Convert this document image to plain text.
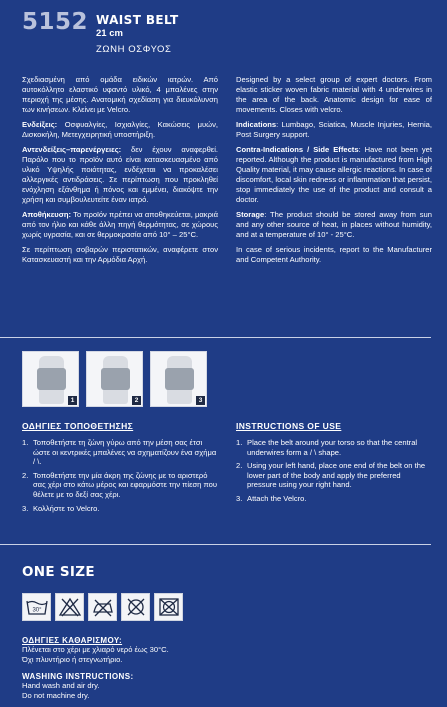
5152 WAIST BELT
21 cm
ΖΩΝΗ ΟΣΦΥΟΣ

Σχεδιασμένη από ομάδα ειδικών ιατρών. Από αυτοκόλλητο ελαστικό υφαντό υλικό, 4 μπαλένες στην περιοχή της μέσης. Ανατομική σχεδίαση για διευκόλυνση των κινήσεων. Κλείνει με Velcro.

Ενδείξεις: Οσφυαλγίες, Ισχιαλγίες, Κακώσεις μυών, Δισκοκήλη, Μετεγχειρητική υποστήριξη.

Αντενδείξεις–παρενέργειες: δεν έχουν αναφερθεί. Παρόλο που το προϊόν αυτό είναι κατασκευασμένο από υλικό Υψηλής ποιότητας, ενδέχεται να προκαλέσει αλλεργικές αντιδράσεις. Σε περίπτωση που προκληθεί ενόχληση εξάνθημα ή πόνος και εμμένει, διακόψτε την χρήση και συμβουλευτείτε έναν ιατρό.

Αποθήκευση: Το προϊόν πρέπει να αποθηκεύεται, μακριά από τον ήλιο και κάθε άλλη πηγή θερμότητας, σε χώρους χωρίς υγρασία, και σε θερμοκρασία από 10° – 25°C.

Σε περίπτωση σοβαρών περιστατικών, αναφέρετε στον Κατασκευαστή και την Αρμόδια Αρχή.

Designed by a select group of expert doctors. From elastic sticker woven fabric material with 4 underwires in the area of the back. Anatomic design for ease of movements. Closes with velcro.

Indications: Lumbago, Sciatica, Muscle Injuries, Hernia, Post Surgery support.

Contra-Indications / Side Effects: Have not been yet reported. Although the product is manufactured from High Quality material, it may cause allergic reactions. In case of discomfort, local skin redness or inflammation that persist, stop immediately the use of the product and consult a doctor.

Storage: The product should be stored away from sun and any other source of heat, in places without humidity, and at a temperature of 10° - 25°C.

In case of serious incidents, report to the Manufacturer and Competent Authority.

1	2	3
ΟΔΗΓΙΕΣ ΤΟΠΟΘΕΤΗΣΗΣ
1. Τοποθετήστε τη ζώνη γύρω από την μέση σας έτσι ώστε οι κεντρικές μπαλένες να σχηματίζουν ένα σχήμα / \.
2. Τοποθετήστε την μία άκρη της ζώνης με το αριστερό σας χέρι στο κάτω μέρος και εφαρμόστε την πίεση που θέλετε με το δεξί σας χέρι.
3. Κολλήστε το Velcro.
INSTRUCTIONS OF USE
1. Place the belt around your torso so that the central underwires form a / \ shape.
2. Using your left hand, place one end of the belt on the lower part of the body and apply the preferred pressure using your right hand.
3. Attach the Velcro.
ONE SIZE
30°
ΟΔΗΓΙΕΣ ΚΑΘΑΡΙΣΜΟΥ:
Πλένεται στο χέρι με χλιαρό νερό έως 30°C.
Όχι πλυντήριο ή στεγνωτήριο.
WASHING INSTRUCTIONS:
Hand wash and air dry.
Do not machine dry.
